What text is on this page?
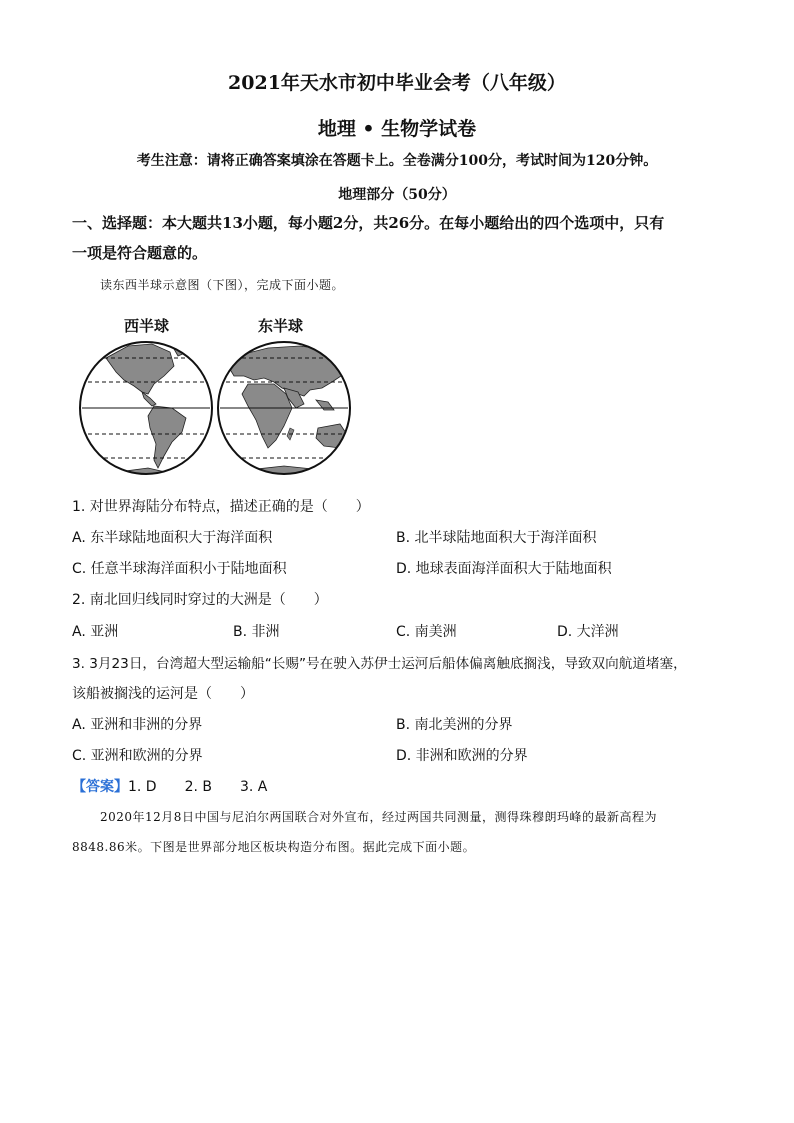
2021年天水市初中毕业会考（八年级）
地理 • 生物学试卷
考生注意：请将正确答案填涂在答题卡上。全卷满分100分，考试时间为120分钟。
地理部分（50分）
一、选择题：本大题共13小题，每小题2分，共26分。在每小题给出的四个选项中，只有
一项是符合题意的。
读东西半球示意图（下图），完成下面小题。
西半球	东半球
1. 对世界海陆分布特点，描述正确的是（　　）
A. 东半球陆地面积大于海洋面积	B. 北半球陆地面积大于海洋面积
C. 任意半球海洋面积小于陆地面积	D. 地球表面海洋面积大于陆地面积
2. 南北回归线同时穿过的大洲是（　　）
A. 亚洲	B. 非洲	C. 南美洲	D. 大洋洲
3. 3月23日，台湾超大型运输船“长赐”号在驶入苏伊士运河后船体偏离触底搁浅，导致双向航道堵塞，
该船被搁浅的运河是（　　）
A. 亚洲和非洲的分界	B. 南北美洲的分界
C. 亚洲和欧洲的分界	D. 非洲和欧洲的分界
【答案】1. D　　2. B　　3. A
2020年12月8日中国与尼泊尔两国联合对外宣布，经过两国共同测量，测得珠穆朗玛峰的最新高程为
8848.86米。下图是世界部分地区板块构造分布图。据此完成下面小题。
